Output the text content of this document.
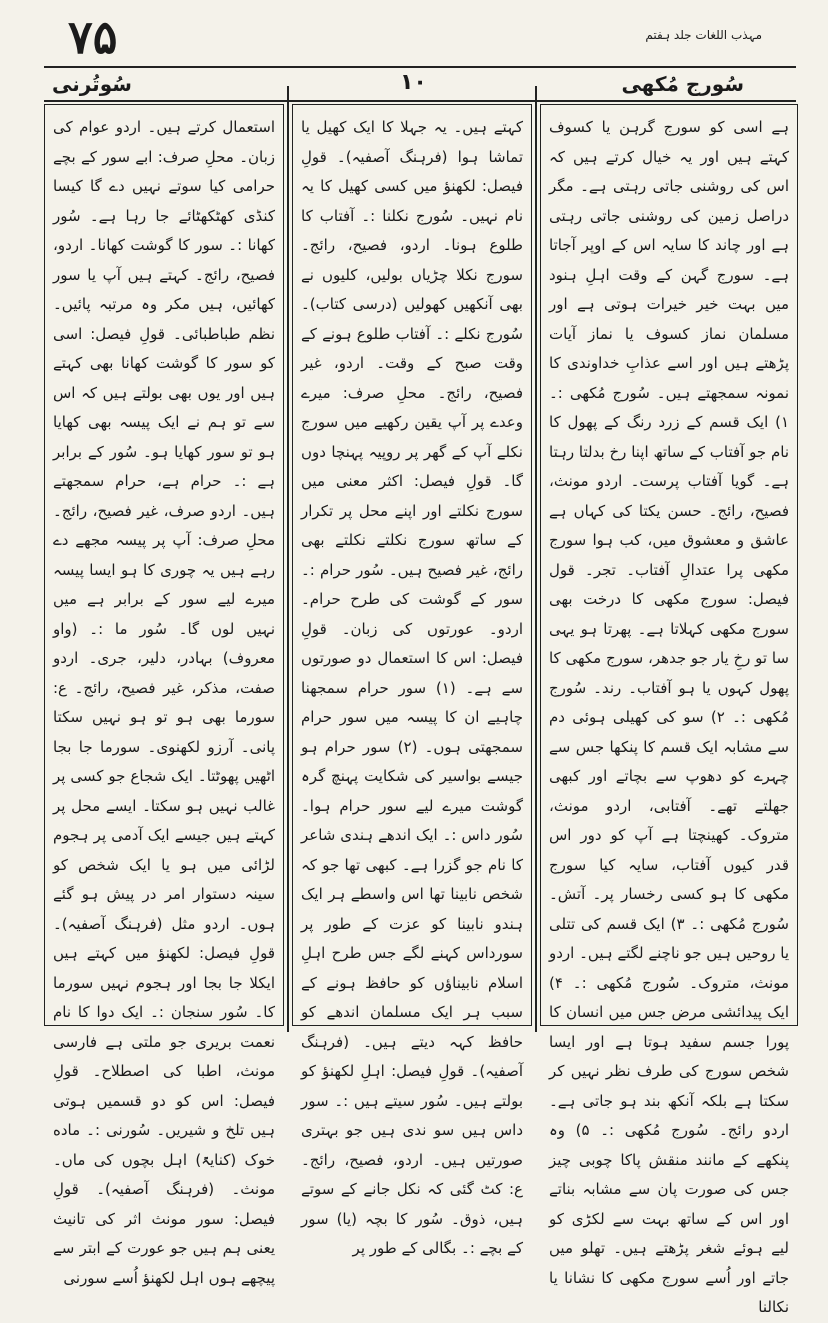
۷۵	مہذب اللغات جلد ہفتم
سُوتُرنی	۱۰	سُورج مُکھی

ہے اسی کو سورج گرہن یا کسوف کہتے ہیں اور یہ خیال کرتے ہیں کہ اس کی روشنی جاتی رہتی ہے۔ مگر دراصل زمین کی روشنی جاتی رہتی ہے اور چاند کا سایہ اس کے اوپر آجاتا ہے۔ سورج گہن کے وقت اہلِ ہنود میں بہت خیر خیرات ہوتی ہے اور مسلمان نماز کسوف یا نماز آیات پڑھتے ہیں اور اسے عذابِ خداوندی کا نمونہ سمجھتے ہیں۔ سُورج مُکھی :۔ ۱) ایک قسم کے زرد رنگ کے پھول کا نام جو آفتاب کے ساتھ اپنا رخ بدلتا رہتا ہے۔ گویا آفتاب پرست۔ اردو مونث، فصیح، رائج۔ حسن یکتا کی کہاں ہے عاشق و معشوق میں، کب ہوا سورج مکھی پرا عتدالِ آفتاب۔ تجر۔ قول فیصل: سورج مکھی کا درخت بھی سورج مکھی کہلاتا ہے۔ پھرتا ہو یہی سا تو رخِ یار جو جدھر، سورج مکھی کا پھول کہوں یا ہو آفتاب۔ رند۔ سُورج مُکھی :۔ ۲) سو کی کھیلی ہوئی دم سے مشابہ ایک قسم کا پنکھا جس سے چہرے کو دھوپ سے بچاتے اور کبھی جھلتے تھے۔ آفتابی، اردو مونث، متروک۔ کھینچتا ہے آپ کو دور اس قدر کیوں آفتاب، سایہ کیا سورج مکھی کا ہو کسی رخسار پر۔ آتش۔ سُورج مُکھی :۔ ۳) ایک قسم کی تتلی یا روحیں ہیں جو ناچنے لگتے ہیں۔ اردو مونث، متروک۔ سُورج مُکھی :۔ ۴) ایک پیدائشی مرض جس میں انسان کا پورا جسم سفید ہوتا ہے اور ایسا شخص سورج کی طرف نظر نہیں کر سکتا ہے بلکہ آنکھ بند ہو جاتی ہے۔ اردو رائج۔ سُورج مُکھی :۔ ۵) وہ پنکھے کے مانند منقش پاکا چوبی چیز جس کی صورت پان سے مشابہ بناتے اور اس کے ساتھ بہت سے لکڑی کو لیے ہوئے شغر پڑھتے ہیں۔ تھلو میں جاتے اور اُسے سورج مکھی کا نشانا یا نکالنا

کہتے ہیں۔ یہ جہلا کا ایک کھیل یا تماشا ہوا (فرہنگ آصفیہ)۔ قولِ فیصل: لکھنؤ میں کسی کھیل کا یہ نام نہیں۔ سُورج نکلنا :۔ آفتاب کا طلوع ہونا۔ اردو، فصیح، رائج۔ سورج نکلا چڑیاں بولیں، کلیوں نے بھی آنکھیں کھولیں (درسی کتاب)۔ سُورج نکلے :۔ آفتاب طلوع ہونے کے وقت صبح کے وقت۔ اردو، غیر فصیح، رائج۔ محلِ صرف: میرے وعدے پر آپ یقین رکھیے میں سورج نکلے آپ کے گھر پر روپیہ پہنچا دوں گا۔ قولِ فیصل: اکثر معنی میں سورج نکلتے اور اپنے محل پر تکرار کے ساتھ سورج نکلتے نکلتے بھی رائج، غیر فصیح ہیں۔ سُور حرام :۔ سور کے گوشت کی طرح حرام۔ اردو۔ عورتوں کی زبان۔ قولِ فیصل: اس کا استعمال دو صورتوں سے ہے۔ (۱) سور حرام سمجھنا چاہیے ان کا پیسہ میں سور حرام سمجھتی ہوں۔ (۲) سور حرام ہو جیسے بواسیر کی شکایت پہنچ گرہ گوشت میرے لیے سور حرام ہوا۔ سُور داس :۔ ایک اندھے ہندی شاعر کا نام جو گزرا ہے۔ کبھی تھا جو کہ شخص نابینا تھا اس واسطے ہر ایک ہندو نابینا کو عزت کے طور پر سورداس کہنے لگے جس طرح اہلِ اسلام نابیناؤں کو حافظ ہونے کے سبب ہر ایک مسلمان اندھے کو حافظ کہہ دیتے ہیں۔ (فرہنگ آصفیہ)۔ قولِ فیصل: اہلِ لکھنؤ کو بولتے ہیں۔ سُور سیتے ہیں :۔ سور داس ہیں سو ندی ہیں جو بہتری صورتیں ہیں۔ اردو، فصیح، رائج۔ ع: کٹ گئی کہ نکل جانے کے سوتے ہیں، ذوق۔ سُور کا بچہ (یا) سور کے بچے :۔ بگالی کے طور پر

استعمال کرتے ہیں۔ اردو عوام کی زبان۔ محلِ صرف: ابے سور کے بچے حرامی کیا سوتے نہیں دے گا کیسا کنڈی کھٹکھٹائے جا رہا ہے۔ سُور کھانا :۔ سور کا گوشت کھانا۔ اردو، فصیح، رائج۔ کہتے ہیں آپ یا سور کھائیں، ہیں مکر وہ مرتبہ پائیں۔ نظم طباطبائی۔ قولِ فیصل: اسی کو سور کا گوشت کھانا بھی کہتے ہیں اور یوں بھی بولتے ہیں کہ اس سے تو ہم نے ایک پیسہ بھی کھایا ہو تو سور کھایا ہو۔ سُور کے برابر ہے :۔ حرام ہے، حرام سمجھتے ہیں۔ اردو صرف، غیر فصیح، رائج۔ محلِ صرف: آپ پر پیسہ مجھے دے رہے ہیں یہ چوری کا ہو ایسا پیسہ میرے لیے سور کے برابر ہے میں نہیں لوں گا۔ سُور ما :۔ (واو معروف) بہادر، دلیر، جری۔ اردو صفت، مذکر، غیر فصیح، رائج۔ ع: سورما بھی ہو تو ہو نہیں سکتا پانی۔ آرزو لکھنوی۔ سورما جا بجا اٹھیں پھوٹتا۔ ایک شجاع جو کسی پر غالب نہیں ہو سکتا۔ ایسے محل پر کہتے ہیں جیسے ایک آدمی پر ہجوم لڑائی میں ہو یا ایک شخص کو سینہ دستوار امر در پیش ہو گئے ہوں۔ اردو مثل (فرہنگ آصفیہ)۔ قولِ فیصل: لکھنؤ میں کہتے ہیں ایکلا جا بجا اور ہجوم نہیں سورما کا۔ سُور سنجان :۔ ایک دوا کا نام نعمت بریری جو ملتی ہے فارسی مونث، اطبا کی اصطلاح۔ قولِ فیصل: اس کو دو قسمیں ہوتی ہیں تلخ و شیریں۔ سُورنی :۔ ماده خوک (کنایۃً) اہل بچوں کی ماں۔ مونث۔ (فرہنگ آصفیہ)۔ قولِ فیصل: سور مونث اثر کی تانیث یعنی ہم ہیں جو عورت کے ابتر سے پیچھے ہوں اہل لکھنؤ اُسے سورنی
